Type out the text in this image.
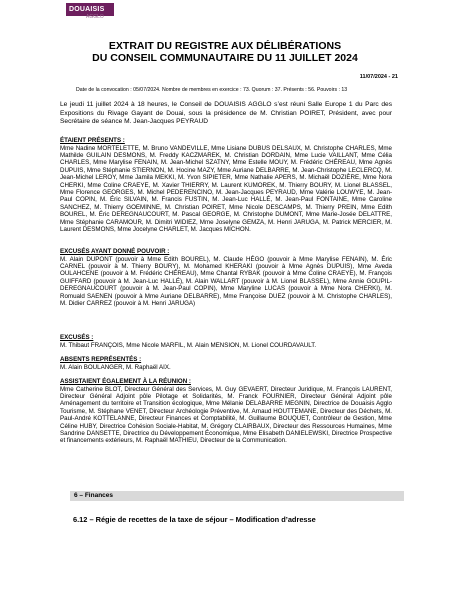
DOUAISIS
AGGLO
EXTRAIT DU REGISTRE AUX DÉLIBÉRATIONS
DU CONSEIL COMMUNAUTAIRE DU 11 JUILLET 2024
11/07/2024 - 21
Date de la convocation : 05/07/2024. Nombre de membres en exercice : 73. Quorum : 37. Présents : 56. Pouvoirs : 13
Le jeudi 11 juillet 2024 à 18 heures, le Conseil de DOUAISIS AGGLO s’est réuni Salle Europe 1 du Parc des Expositions du Rivage Gayant de Douai, sous la présidence de M. Christian POIRET, Président, avec pour Secrétaire de séance M. Jean-Jacques PEYRAUD
ÉTAIENT PRÉSENTS :
Mme Nadine MORTELETTE, M. Bruno VANDEVILLE, Mme Lisiane DUBUS DELSAUX, M. Christophe CHARLES, Mme Mathilde GUILAIN DESMONS, M. Freddy KACZMAREK, M. Christian DORDAIN, Mme Lucie VAILLANT, Mme Célia CHARLES, Mme Marylise FENAIN, M. Jean-Michel SZATNY, Mme Estelle MOUY, M. Frédéric CHÉREAU, Mme Agnès DUPUIS, Mme Stéphanie STIERNON, M. Hocine MAZY, Mme Auriane DELBARRE, M. Jean-Christophe LECLERCQ, M. Jean-Michel LEROY, Mme Jamila MEKKI, M. Yvon SIPIETER, Mme Nathalie APERS, M. Michaël DOZIÈRE, Mme Nora CHERKI, Mme Coline CRAEYE, M. Xavier THIERRY, M. Laurent KUMOREK, M. Thierry BOURY, M. Lionel BLASSEL, Mme Florence GEORGES, M. Michel PEDERENCINO, M. Jean-Jacques PEYRAUD, Mme Valérie LOUWYE, M. Jean-Paul COPIN, M. Éric SILVAIN, M. Francis FUSTIN, M. Jean-Luc HALLÉ, M. Jean-Paul FONTAINE, Mme Caroline SANCHEZ, M. Thierry GOEMINNE, M. Christian POIRET, Mme Nicole DESCAMPS, M. Thierry PREIN, Mme Edith BOUREL, M. Éric DEREGNAUCOURT, M. Pascal GEORGE, M. Christophe DUMONT, Mme Marie-Josée DELATTRE, Mme Stéphanie CARAMOUR, M. Dimitri WIDIEZ, Mme Joselyne GEMZA, M. Henri JARUGA, M. Patrick MERCIER, M. Laurent DESMONS, Mme Jocelyne CHARLET, M. Jacques MICHON.
EXCUSÉS AYANT DONNÉ POUVOIR :
M. Alain DUPONT (pouvoir à Mme Edith BOUREL), M. Claude HÉGO (pouvoir à Mme Marylise FENAIN), M. Éric CARNEL (pouvoir à M. Thierry BOURY), M. Mohamed KHERAKI (pouvoir à Mme Agnès DUPUIS), Mme Aveda OULAHCENE (pouvoir à M. Frédéric CHÉREAU), Mme Chantal RYBAK (pouvoir à Mme Coline CRAEYE), M. François GUIFFARD (pouvoir à M. Jean-Luc HALLÉ), M. Alain WALLART (pouvoir à M. Lionel BLASSEL), Mme Annie GOUPIL-DEREGNAUCOURT (pouvoir à M. Jean-Paul COPIN), Mme Maryline LUCAS (pouvoir à Mme Nora CHERKI), M. Romuald SAENEN (pouvoir à Mme Auriane DELBARRE), Mme Françoise DUEZ (pouvoir à M. Christophe CHARLES), M. Didier CARREZ (pouvoir à M. Henri JARUGA)
EXCUSÉS :
M. Thibaut FRANÇOIS, Mme Nicole MARFIL, M. Alain MENSION, M. Lionel COURDAVAULT.
ABSENTS REPRÉSENTÉS :
M. Alain BOULANGER, M. Raphaël AIX.
ASSISTAIENT ÉGALEMENT À LA RÉUNION :
Mme Catherine BLOT, Directeur Général des Services, M. Guy GEVAERT, Directeur Juridique, M. François LAURENT, Directeur Général Adjoint pôle Pilotage et Solidarités, M. Franck FOURNIER, Directeur Général Adjoint pôle Aménagement du territoire et Transition écologique, Mme Mélanie DELABARRE MEGNIN, Directrice de Douaisis Agglo Tourisme, M. Stéphane VENET, Directeur Archéologie Préventive, M. Arnaud HOUTTEMANE, Directeur des Déchets, M. Paul-André KOTTELANNE, Directeur Finances et Comptabilité, M. Guillaume BOUQUET, Contrôleur de Gestion, Mme Céline HUBY, Directrice Cohésion Sociale-Habitat, M. Grégory CLAIRBAUX, Directeur des Ressources Humaines, Mme Sandrine DANSETTE, Directrice du Développement Économique, Mme Elisabeth DANIELEWSKI, Directrice Prospective et financements extérieurs, M. Raphaël MATHIEU, Directeur de la Communication.
6 – Finances
6.12 – Régie de recettes de la taxe de séjour – Modification d’adresse
